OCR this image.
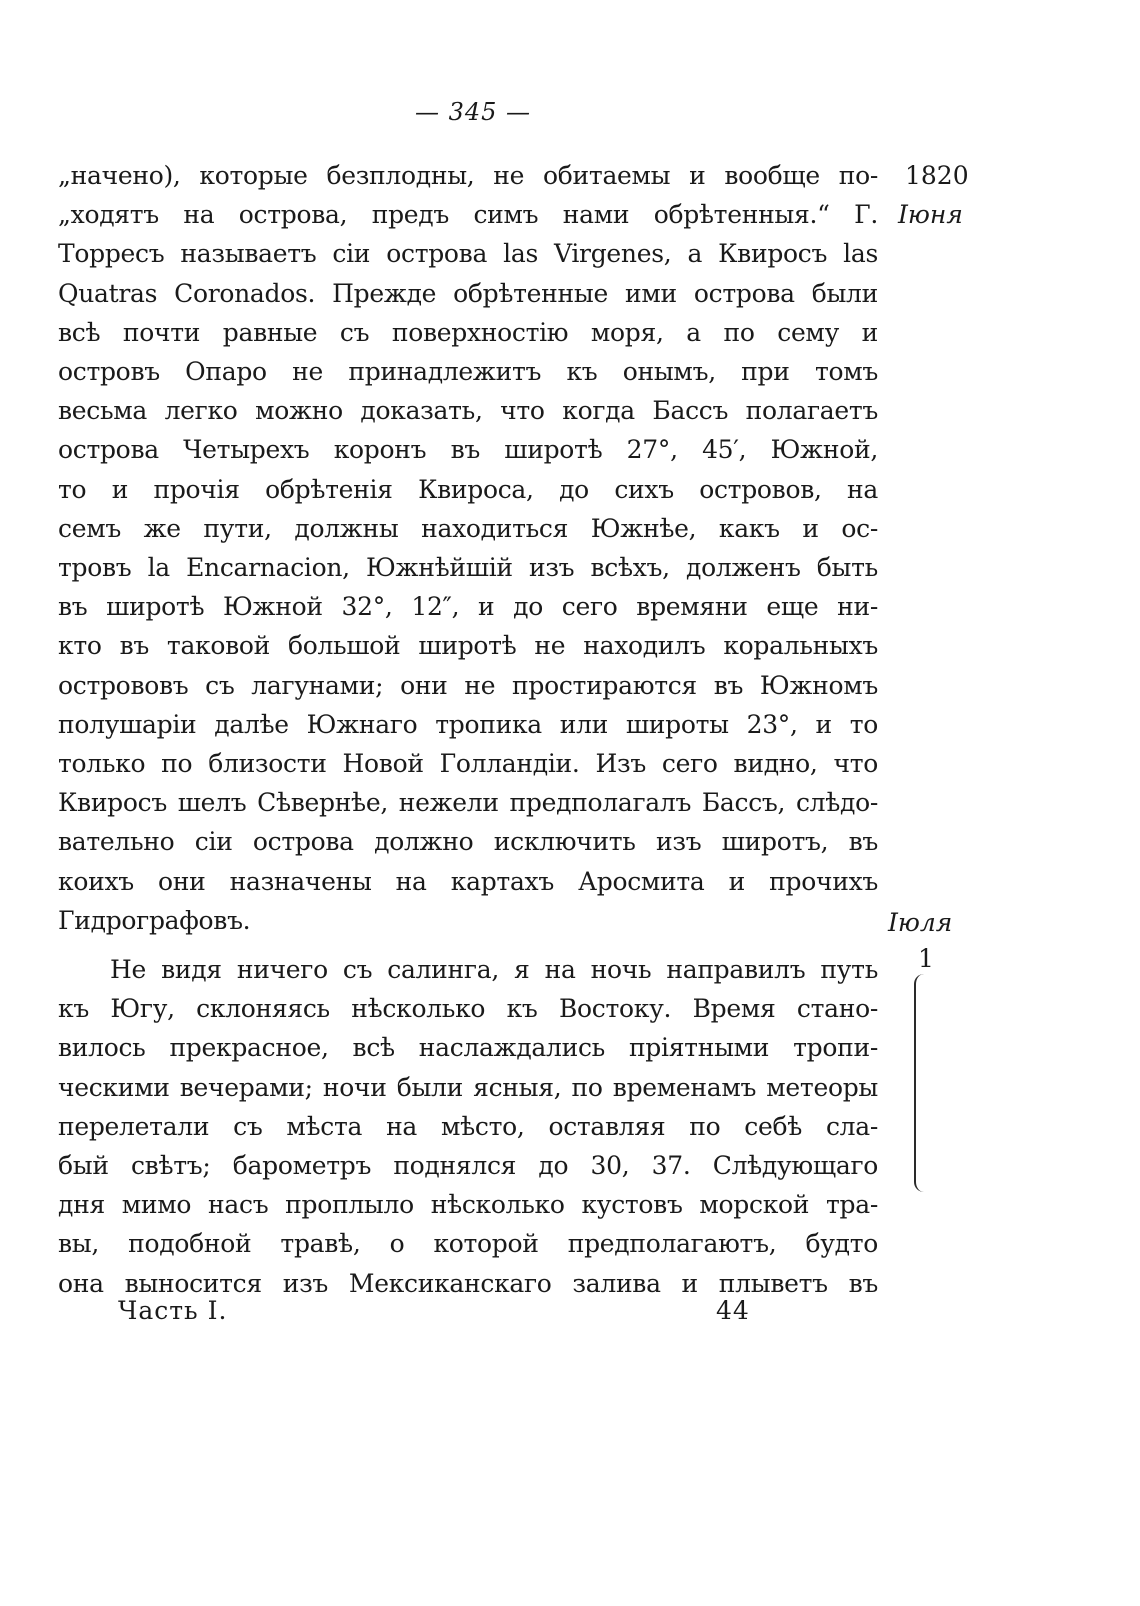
— 345 —
1820
Іюня
Іюля
1
„начено), которые безплодны, не обитаемы и вообще по-
„ходятъ на острова, предъ симъ нами обрѣтенныя.“ Г.
Торресъ называетъ сіи острова las Virgenes, а Квиросъ las
Quatras Coronados. Прежде обрѣтенные ими острова были
всѣ почти равные съ поверхностію моря, а по сему и
островъ Опаро не принадлежитъ къ онымъ, при томъ
весьма легко можно доказать, что когда Бассъ полагаетъ
острова Четырехъ коронъ въ широтѣ 27°, 45′, Южной,
то и прочія обрѣтенія Квироса, до сихъ островов, на
семъ же пути, должны находиться Южнѣе, какъ и ос-
тровъ la Encarnacion, Южнѣйшій изъ всѣхъ, долженъ быть
въ широтѣ Южной 32°, 12″, и до сего времяни еще ни-
кто въ таковой большой широтѣ не находилъ коральныхъ
острововъ съ лагунами; они не простираются въ Южномъ
полушаріи далѣе Южнаго тропика или широты 23°, и то
только по близости Новой Голландіи. Изъ сего видно, что
Квиросъ шелъ Сѣвернѣе, нежели предполагалъ Бассъ, слѣдо-
вательно сіи острова должно исключить изъ широтъ, въ
коихъ они назначены на картахъ Аросмита и прочихъ
Гидрографовъ.
Не видя ничего съ салинга, я на ночь направилъ путь
къ Югу, склоняясь нѣсколько къ Востоку. Время стано-
вилось прекрасное, всѣ наслаждались пріятными тропи-
ческими вечерами; ночи были ясныя, по временамъ метеоры
перелетали съ мѣста на мѣсто, оставляя по себѣ сла-
бый свѣтъ; барометръ поднялся до 30, 37. Слѣдующаго
дня мимо насъ проплыло нѣсколько кустовъ морской тра-
вы, подобной травѣ, о которой предполагаютъ, будто
она выносится изъ Мексиканскаго залива и плыветъ въ
Часть I.	44
